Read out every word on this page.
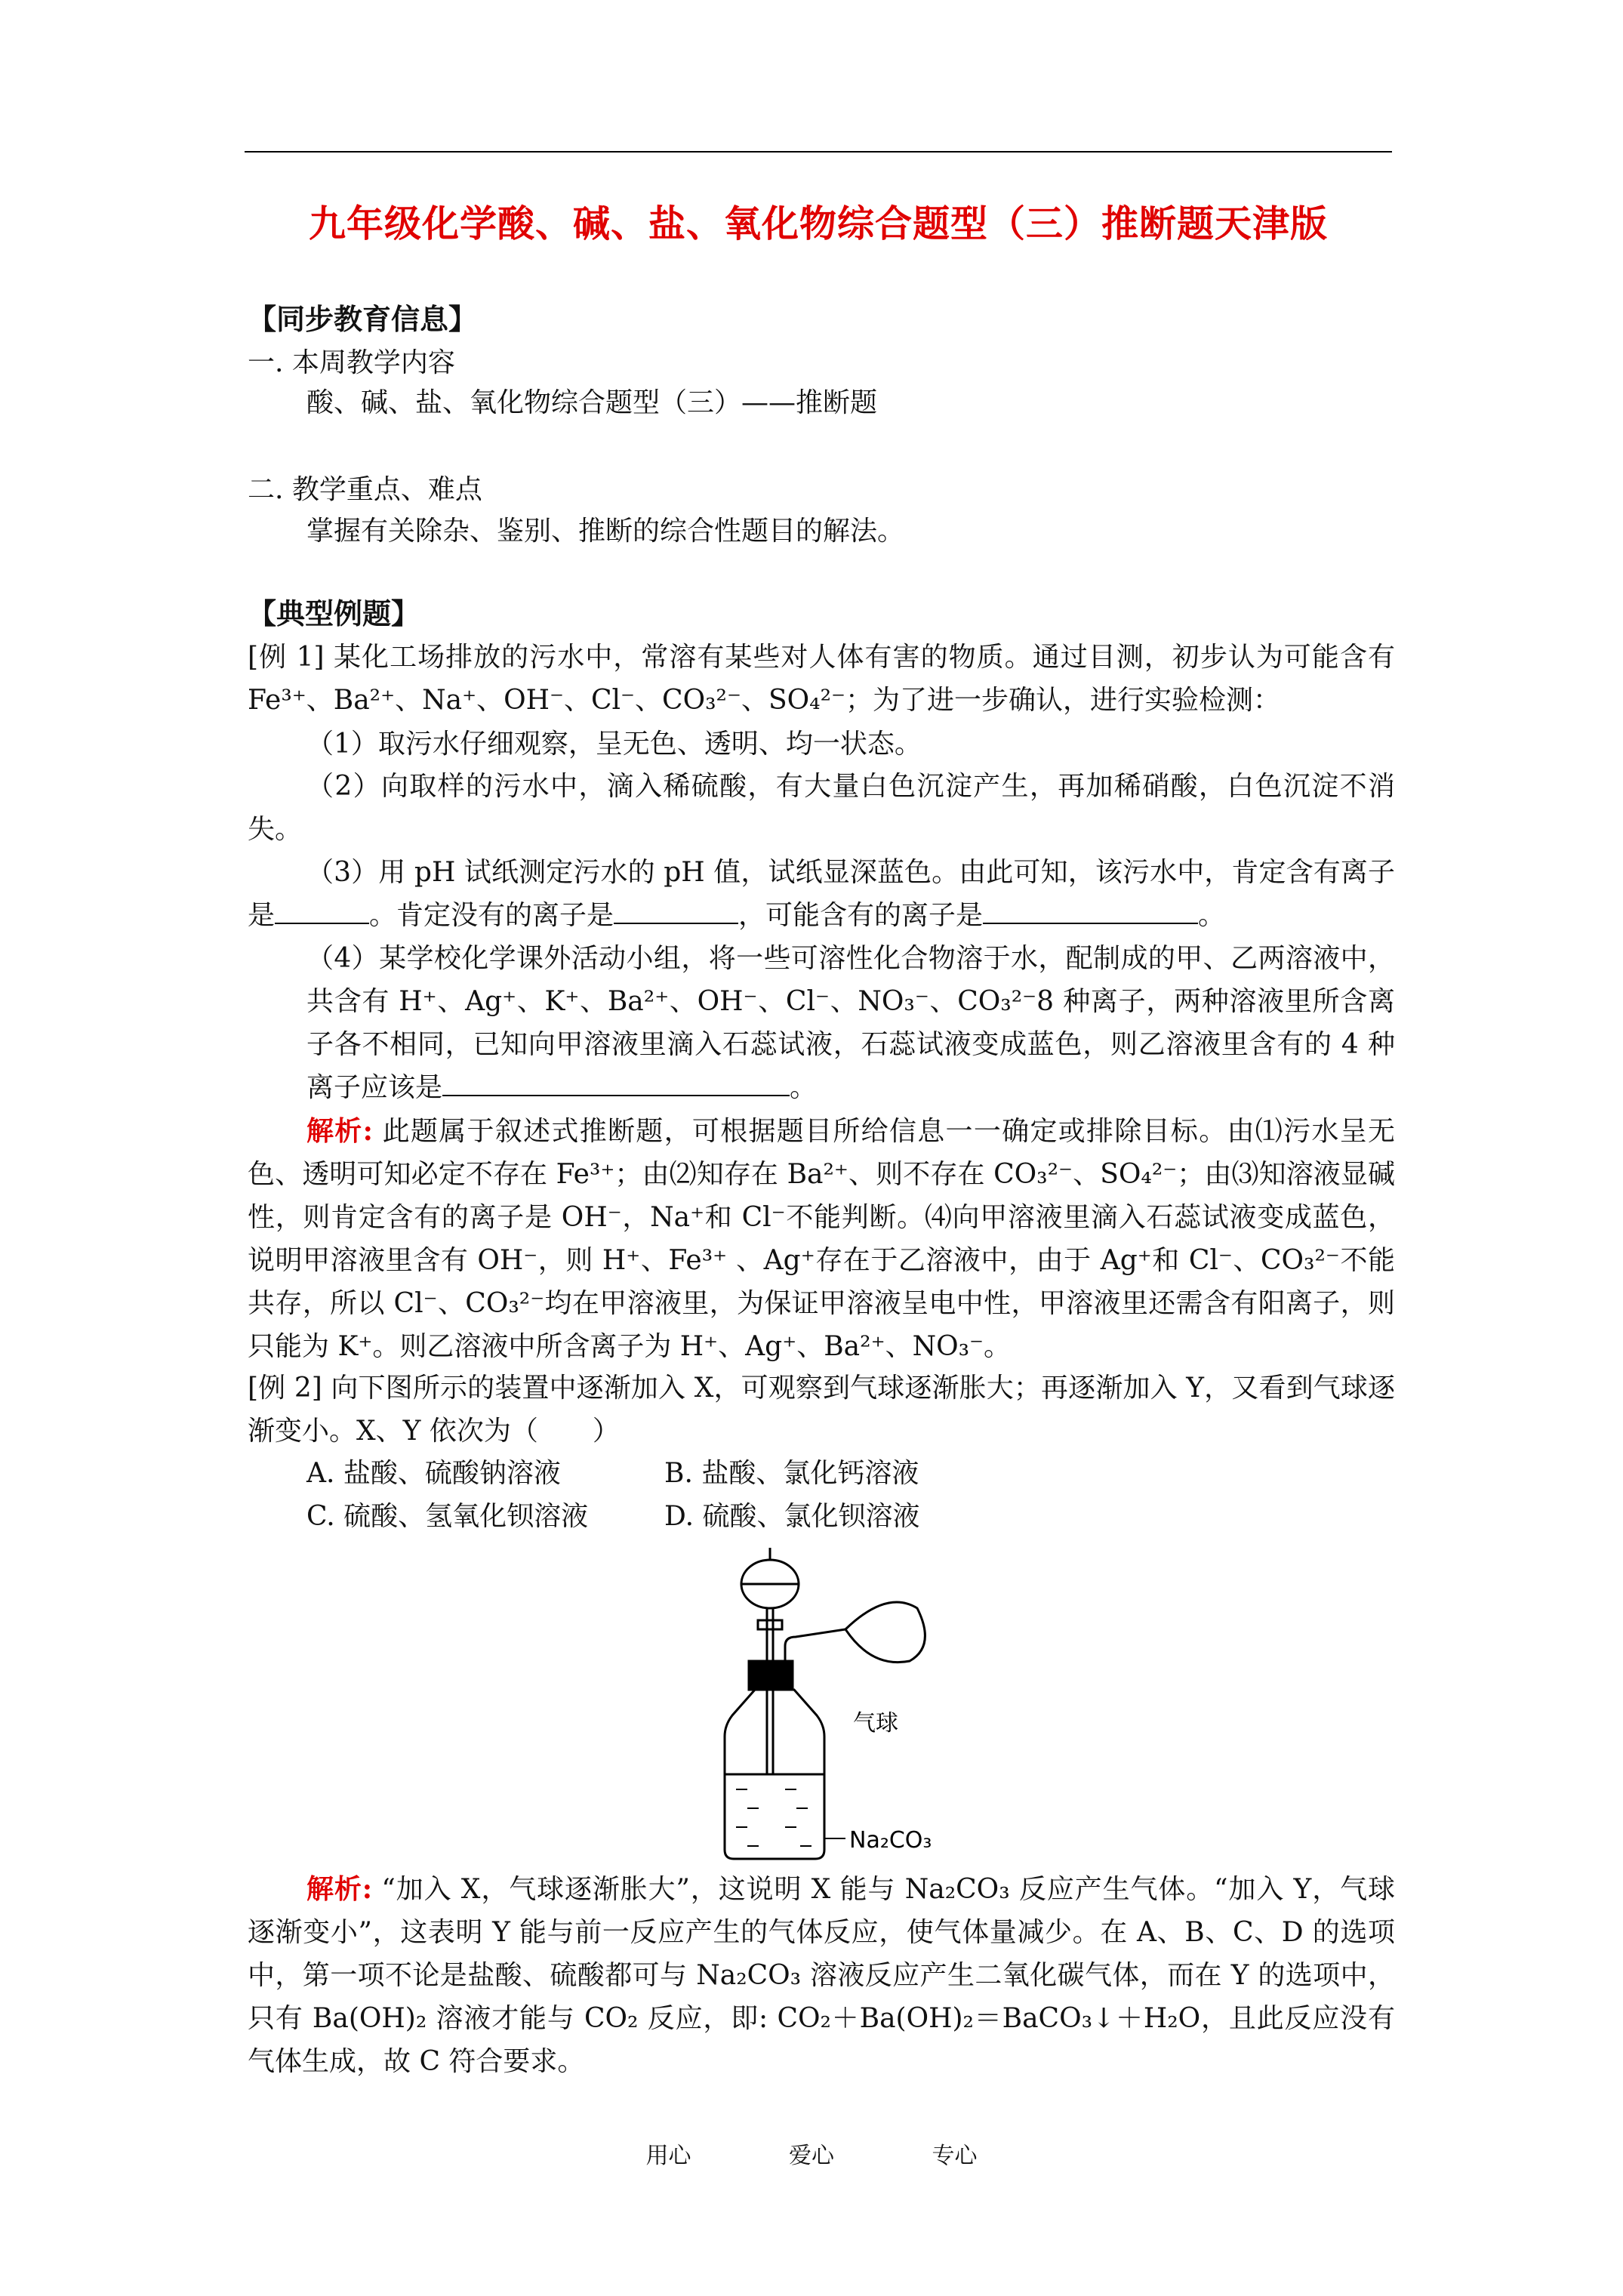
九年级化学酸、碱、盐、氧化物综合题型（三）推断题天津版
【同步教育信息】
一. 本周教学内容
酸、碱、盐、氧化物综合题型（三）——推断题
二. 教学重点、难点
掌握有关除杂、鉴别、推断的综合性题目的解法。
【典型例题】
[例 1] 某化工场排放的污水中，常溶有某些对人体有害的物质。通过目测，初步认为可能含有Fe³⁺、Ba²⁺、Na⁺、OH⁻、Cl⁻、CO₃²⁻、SO₄²⁻；为了进一步确认，进行实验检测：
（1）取污水仔细观察，呈无色、透明、均一状态。
（2）向取样的污水中，滴入稀硫酸，有大量白色沉淀产生，再加稀硝酸，白色沉淀不消失。
（3）用 pH 试纸测定污水的 pH 值，试纸显深蓝色。由此可知，该污水中，肯定含有离子是	。肯定没有的离子是	，可能含有的离子是	。
（4）某学校化学课外活动小组，将一些可溶性化合物溶于水，配制成的甲、乙两溶液中，共含有 H⁺、Ag⁺、K⁺、Ba²⁺、OH⁻、Cl⁻、NO₃⁻、CO₃²⁻8 种离子，两种溶液里所含离子各不相同，已知向甲溶液里滴入石蕊试液，石蕊试液变成蓝色，则乙溶液里含有的 4 种离子应该是	。
解析: 此题属于叙述式推断题，可根据题目所给信息一一确定或排除目标。由⑴污水呈无色、透明可知必定不存在 Fe³⁺；由⑵知存在 Ba²⁺、则不存在 CO₃²⁻、SO₄²⁻；由⑶知溶液显碱性，则肯定含有的离子是 OH⁻，Na⁺和 Cl⁻不能判断。⑷向甲溶液里滴入石蕊试液变成蓝色，说明甲溶液里含有 OH⁻，则 H⁺、Fe³⁺ 、Ag⁺存在于乙溶液中，由于 Ag⁺和 Cl⁻、CO₃²⁻不能共存，所以 Cl⁻、CO₃²⁻均在甲溶液里，为保证甲溶液呈电中性，甲溶液里还需含有阳离子，则只能为 K⁺。则乙溶液中所含离子为 H⁺、Ag⁺、Ba²⁺、NO₃⁻。
[例 2] 向下图所示的装置中逐渐加入 X，可观察到气球逐渐胀大；再逐渐加入 Y，又看到气球逐渐变小。X、Y 依次为（　　）
A. 盐酸、硫酸钠溶液	B. 盐酸、氯化钙溶液
C. 硫酸、氢氧化钡溶液	D. 硫酸、氯化钡溶液
解析: “加入 X，气球逐渐胀大”，这说明 X 能与 Na₂CO₃ 反应产生气体。“加入 Y，气球逐渐变小”，这表明 Y 能与前一反应产生的气体反应，使气体量减少。在 A、B、C、D 的选项中，第一项不论是盐酸、硫酸都可与 Na₂CO₃ 溶液反应产生二氧化碳气体，而在 Y 的选项中，只有 Ba(OH)₂ 溶液才能与 CO₂ 反应，即: CO₂＋Ba(OH)₂＝BaCO₃↓＋H₂O，且此反应没有气体生成，故 C 符合要求。
气球
Na₂CO₃
用心	爱心	专心
